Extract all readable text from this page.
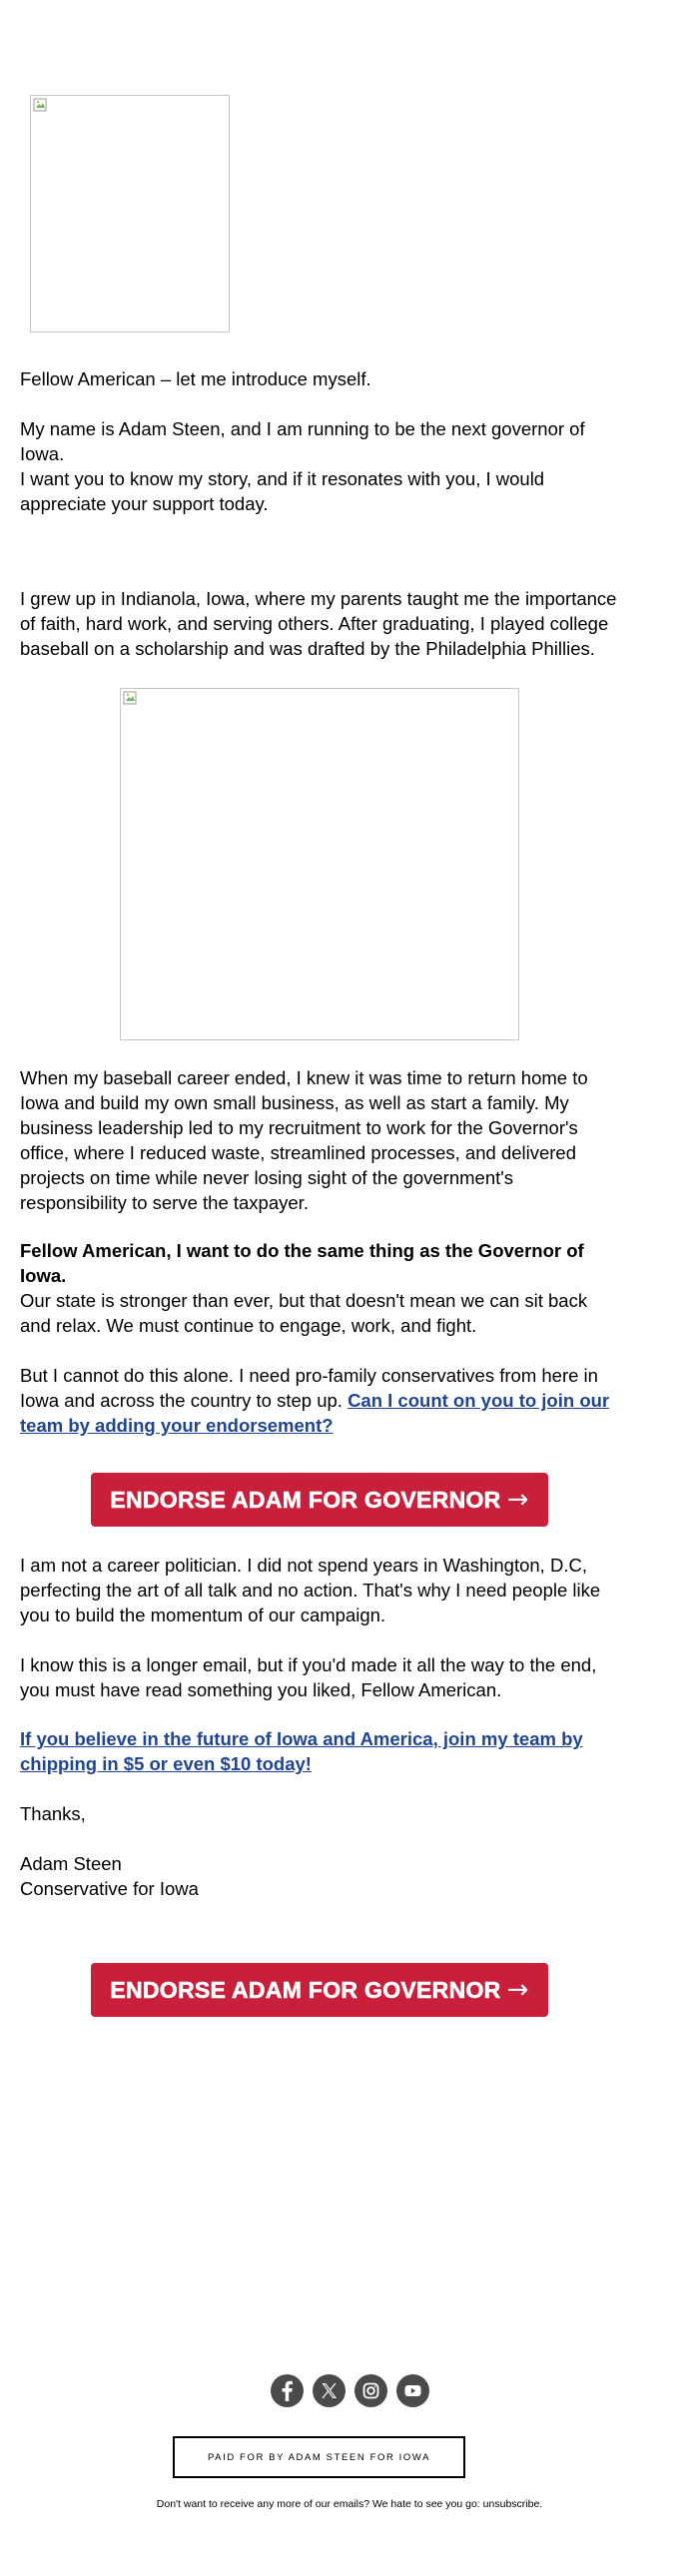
Fellow American – let me introduce myself.

My name is Adam Steen, and I am running to be the next governor of Iowa.

I want you to know my story, and if it resonates with you, I would appreciate your support today.

I grew up in Indianola, Iowa, where my parents taught me the importance of faith, hard work, and serving others. After graduating, I played college baseball on a scholarship and was drafted by the Philadelphia Phillies.

When my baseball career ended, I knew it was time to return home to Iowa and build my own small business, as well as start a family. My business leadership led to my recruitment to work for the Governor's office, where I reduced waste, streamlined processes, and delivered projects on time while never losing sight of the government's responsibility to serve the taxpayer.

Fellow American, I want to do the same thing as the Governor of Iowa.

Our state is stronger than ever, but that doesn't mean we can sit back and relax. We must continue to engage, work, and fight.

But I cannot do this alone. I need pro-family conservatives from here in Iowa and across the country to step up. Can I count on you to join our team by adding your endorsement?

ENDORSE ADAM FOR GOVERNOR →

I am not a career politician. I did not spend years in Washington, D.C, perfecting the art of all talk and no action. That's why I need people like you to build the momentum of our campaign.

I know this is a longer email, but if you'd made it all the way to the end, you must have read something you liked, Fellow American.

If you believe in the future of Iowa and America, join my team by chipping in $5 or even $10 today!

Thanks,

Adam Steen

Conservative for Iowa

ENDORSE ADAM FOR GOVERNOR →
PAID FOR BY ADAM STEEN FOR IOWA
Don't want to receive any more of our emails? We hate to see you go: unsubscribe.
